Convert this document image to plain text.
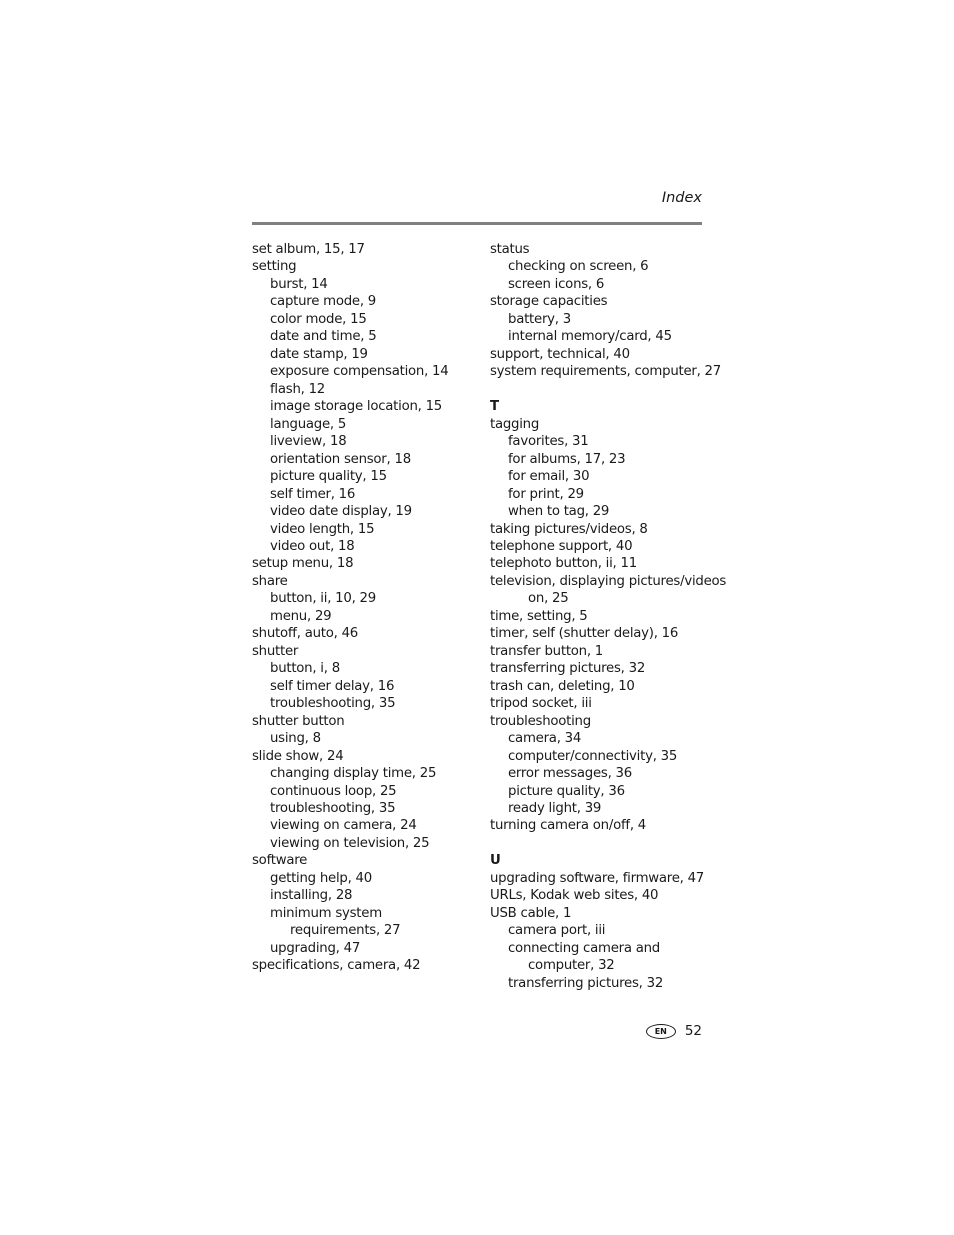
Index
set album, 15, 17
setting
burst, 14
capture mode, 9
color mode, 15
date and time, 5
date stamp, 19
exposure compensation, 14
flash, 12
image storage location, 15
language, 5
liveview, 18
orientation sensor, 18
picture quality, 15
self timer, 16
video date display, 19
video length, 15
video out, 18
setup menu, 18
share
button, ii, 10, 29
menu, 29
shutoff, auto, 46
shutter
button, i, 8
self timer delay, 16
troubleshooting, 35
shutter button
using, 8
slide show, 24
changing display time, 25
continuous loop, 25
troubleshooting, 35
viewing on camera, 24
viewing on television, 25
software
getting help, 40
installing, 28
minimum system
requirements, 27
upgrading, 47
specifications, camera, 42
status
checking on screen, 6
screen icons, 6
storage capacities
battery, 3
internal memory/card, 45
support, technical, 40
system requirements, computer, 27
T
tagging
favorites, 31
for albums, 17, 23
for email, 30
for print, 29
when to tag, 29
taking pictures/videos, 8
telephone support, 40
telephoto button, ii, 11
television, displaying pictures/videos
on, 25
time, setting, 5
timer, self (shutter delay), 16
transfer button, 1
transferring pictures, 32
trash can, deleting, 10
tripod socket, iii
troubleshooting
camera, 34
computer/connectivity, 35
error messages, 36
picture quality, 36
ready light, 39
turning camera on/off, 4
U
upgrading software, firmware, 47
URLs, Kodak web sites, 40
USB cable, 1
camera port, iii
connecting camera and
computer, 32
transferring pictures, 32
EN	52
